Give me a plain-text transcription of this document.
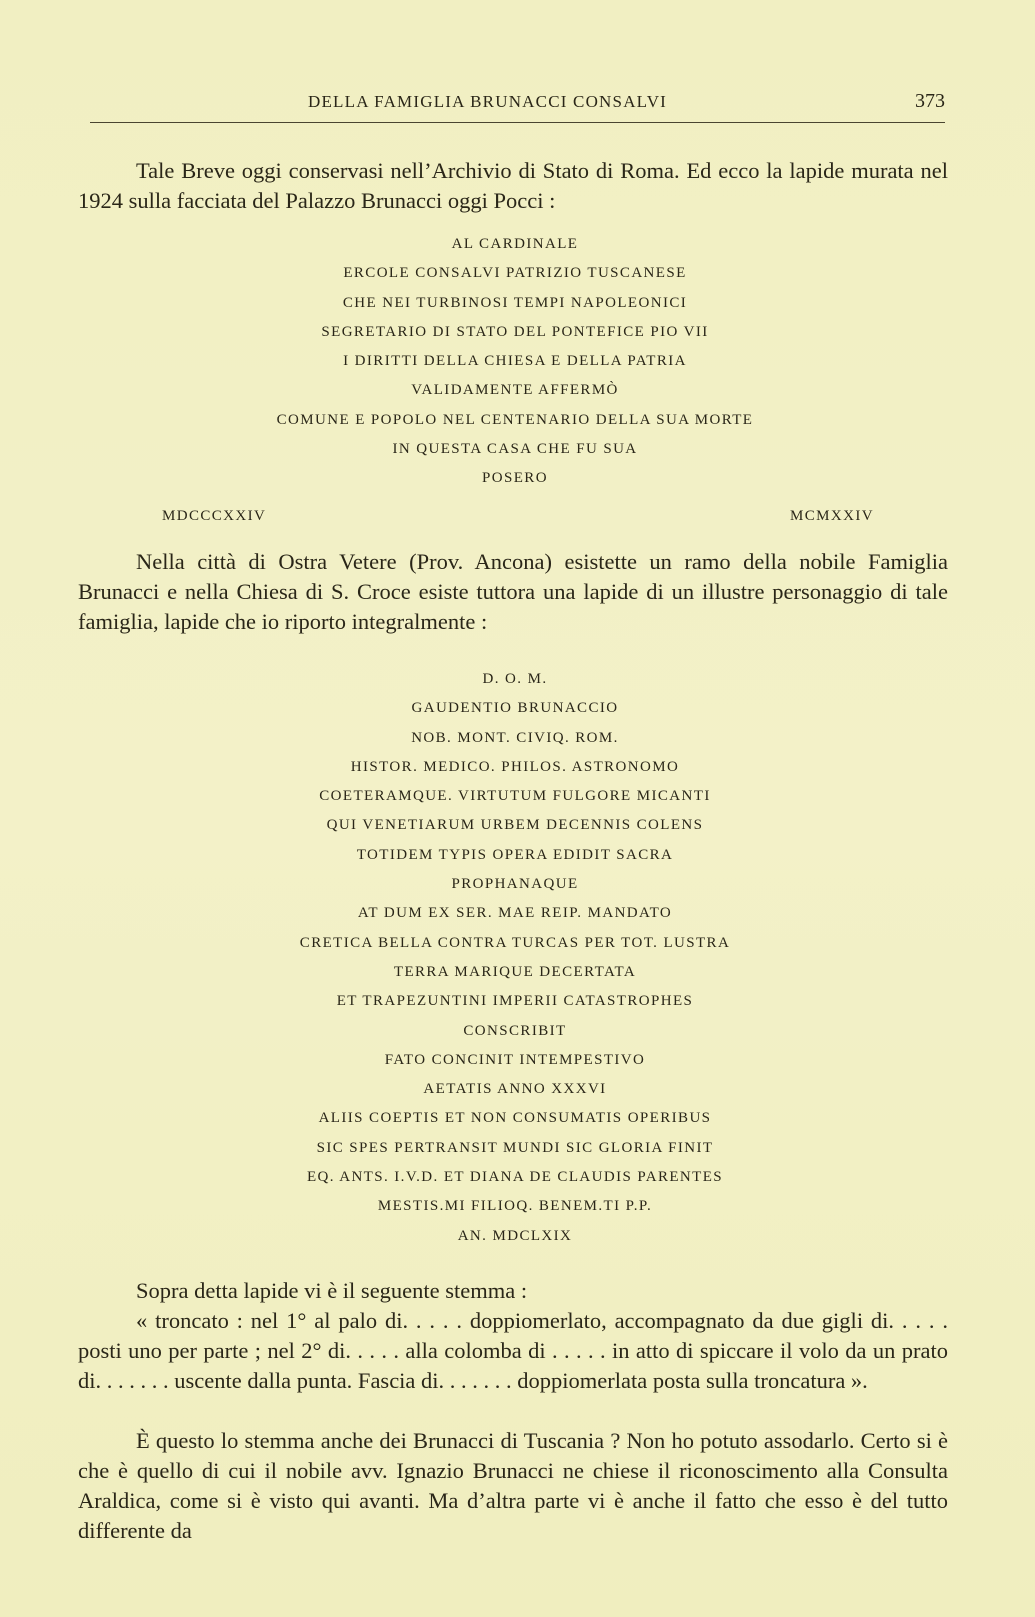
DELLA FAMIGLIA BRUNACCI CONSALVI	373

Tale Breve oggi conservasi nell’Archivio di Stato di Roma. Ed ecco la lapide murata nel 1924 sulla facciata del Palazzo Brunacci oggi Pocci :

AL CARDINALE
ERCOLE CONSALVI PATRIZIO TUSCANESE
CHE NEI TURBINOSI TEMPI NAPOLEONICI
SEGRETARIO DI STATO DEL PONTEFICE PIO VII
I DIRITTI DELLA CHIESA E DELLA PATRIA
VALIDAMENTE AFFERMÒ
COMUNE E POPOLO NEL CENTENARIO DELLA SUA MORTE
IN QUESTA CASA CHE FU SUA
POSERO
MDCCCXXIV	MCMXXIV

Nella città di Ostra Vetere (Prov. Ancona) esistette un ramo della nobile Famiglia Brunacci e nella Chiesa di S. Croce esiste tuttora una lapide di un illustre personaggio di tale famiglia, lapide che io riporto integralmente :

D. O. M.
GAUDENTIO BRUNACCIO
NOB. MONT. CIVIQ. ROM.
HISTOR. MEDICO. PHILOS. ASTRONOMO
COETERAMQUE. VIRTUTUM FULGORE MICANTI
QUI VENETIARUM URBEM DECENNIS COLENS
TOTIDEM TYPIS OPERA EDIDIT SACRA
PROPHANAQUE
AT DUM EX SER. MAE REIP. MANDATO
CRETICA BELLA CONTRA TURCAS PER TOT. LUSTRA
TERRA MARIQUE DECERTATA
ET TRAPEZUNTINI IMPERII CATASTROPHES
CONSCRIBIT
FATO CONCINIT INTEMPESTIVO
AETATIS ANNO XXXVI
ALIIS COEPTIS ET NON CONSUMATIS OPERIBUS
SIC SPES PERTRANSIT MUNDI SIC GLORIA FINIT
EQ. ANTS. I.V.D. ET DIANA DE CLAUDIS PARENTES
MESTIS.MI FILIOQ. BENEM.TI P.P.
AN. MDCLXIX

Sopra detta lapide vi è il seguente stemma :

« troncato : nel 1° al palo di. . . . . doppiomerlato, accompagnato da due gigli di. . . . . posti uno per parte ; nel 2° di. . . . . alla colomba di . . . . . in atto di spiccare il volo da un prato di. . . . . . . uscente dalla punta. Fascia di. . . . . . . doppiomerlata posta sulla troncatura ».

È questo lo stemma anche dei Brunacci di Tuscania ? Non ho potuto assodarlo. Certo si è che è quello di cui il nobile avv. Ignazio Brunacci ne chiese il riconoscimento alla Consulta Araldica, come si è visto qui avanti. Ma d’altra parte vi è anche il fatto che esso è del tutto differente da
